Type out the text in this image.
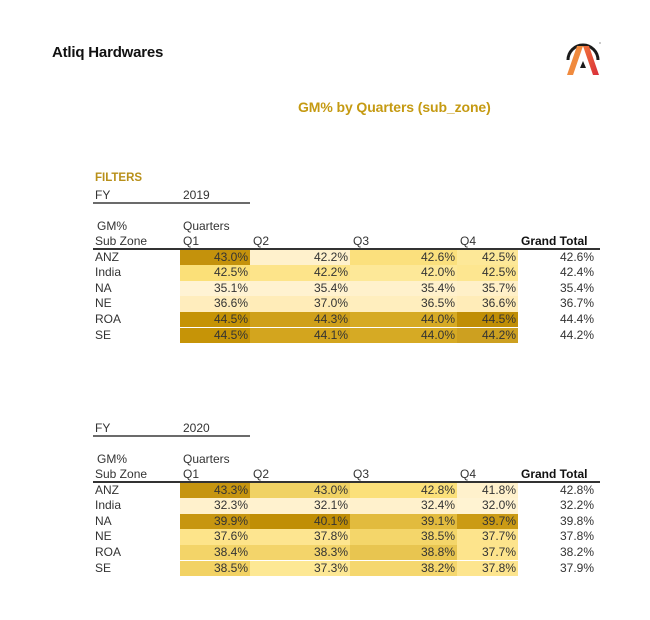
Atliq Hardwares
GM% by Quarters (sub_zone)
FILTERS
FY	2019
GM%	Quarters
Sub Zone	Q1	Q2	Q3	Q4	Grand Total
ANZ	43.0%	42.2%	42.6%	42.5%	42.6%
India	42.5%	42.2%	42.0%	42.5%	42.4%
NA	35.1%	35.4%	35.4%	35.7%	35.4%
NE	36.6%	37.0%	36.5%	36.6%	36.7%
ROA	44.5%	44.3%	44.0%	44.5%	44.4%
SE	44.5%	44.1%	44.0%	44.2%	44.2%
FY	2020
GM%	Quarters
Sub Zone	Q1	Q2	Q3	Q4	Grand Total
ANZ	43.3%	43.0%	42.8%	41.8%	42.8%
India	32.3%	32.1%	32.4%	32.0%	32.2%
NA	39.9%	40.1%	39.1%	39.7%	39.8%
NE	37.6%	37.8%	38.5%	37.7%	37.8%
ROA	38.4%	38.3%	38.8%	37.7%	38.2%
SE	38.5%	37.3%	38.2%	37.8%	37.9%
